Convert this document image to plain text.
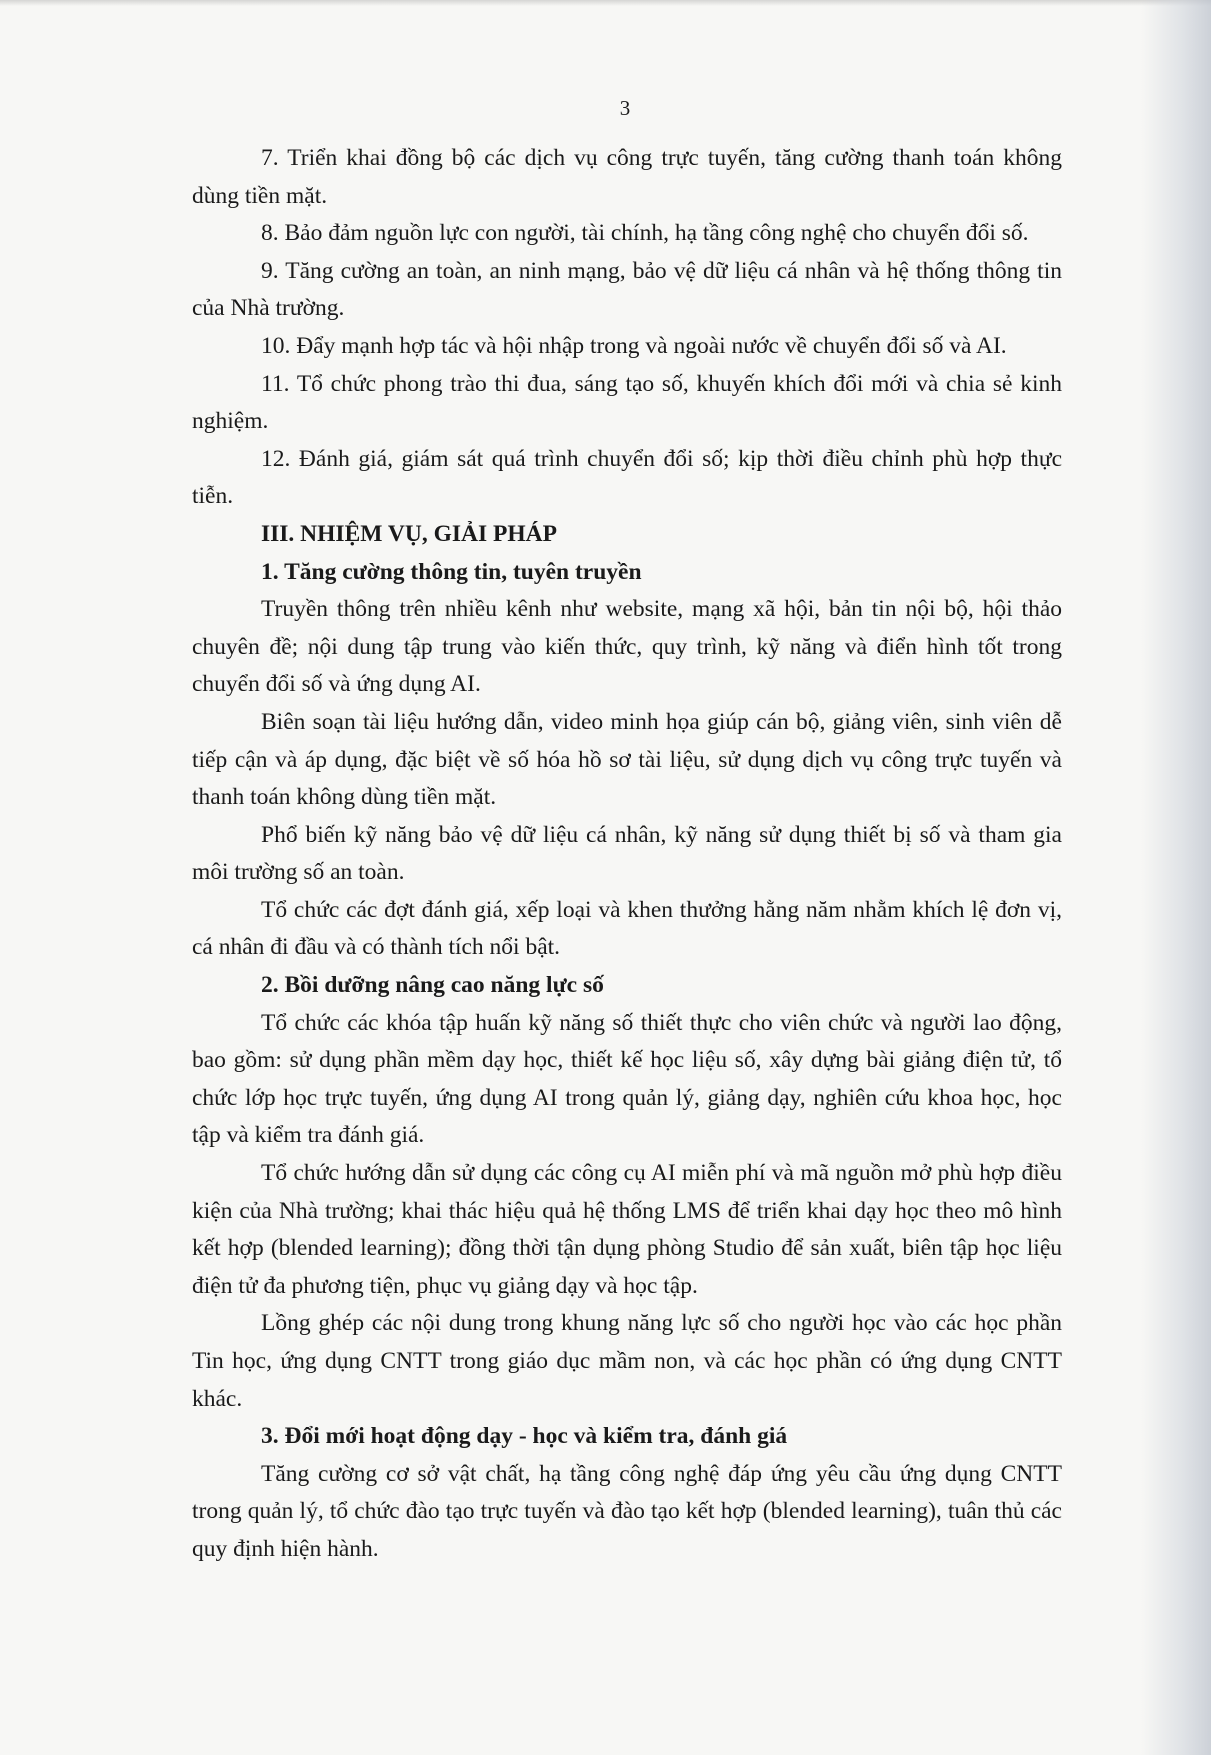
3

7. Triển khai đồng bộ các dịch vụ công trực tuyến, tăng cường thanh toán không dùng tiền mặt.

8. Bảo đảm nguồn lực con người, tài chính, hạ tầng công nghệ cho chuyển đổi số.

9. Tăng cường an toàn, an ninh mạng, bảo vệ dữ liệu cá nhân và hệ thống thông tin của Nhà trường.

10. Đẩy mạnh hợp tác và hội nhập trong và ngoài nước về chuyển đổi số và AI.

11. Tổ chức phong trào thi đua, sáng tạo số, khuyến khích đổi mới và chia sẻ kinh nghiệm.

12. Đánh giá, giám sát quá trình chuyển đổi số; kịp thời điều chỉnh phù hợp thực tiễn.

III. NHIỆM VỤ, GIẢI PHÁP

1. Tăng cường thông tin, tuyên truyền

Truyền thông trên nhiều kênh như website, mạng xã hội, bản tin nội bộ, hội thảo chuyên đề; nội dung tập trung vào kiến thức, quy trình, kỹ năng và điển hình tốt trong chuyển đổi số và ứng dụng AI.

Biên soạn tài liệu hướng dẫn, video minh họa giúp cán bộ, giảng viên, sinh viên dễ tiếp cận và áp dụng, đặc biệt về số hóa hồ sơ tài liệu, sử dụng dịch vụ công trực tuyến và thanh toán không dùng tiền mặt.

Phổ biến kỹ năng bảo vệ dữ liệu cá nhân, kỹ năng sử dụng thiết bị số và tham gia môi trường số an toàn.

Tổ chức các đợt đánh giá, xếp loại và khen thưởng hằng năm nhằm khích lệ đơn vị, cá nhân đi đầu và có thành tích nổi bật.

2. Bồi dưỡng nâng cao năng lực số

Tổ chức các khóa tập huấn kỹ năng số thiết thực cho viên chức và người lao động, bao gồm: sử dụng phần mềm dạy học, thiết kế học liệu số, xây dựng bài giảng điện tử, tổ chức lớp học trực tuyến, ứng dụng AI trong quản lý, giảng dạy, nghiên cứu khoa học, học tập và kiểm tra đánh giá.

Tổ chức hướng dẫn sử dụng các công cụ AI miễn phí và mã nguồn mở phù hợp điều kiện của Nhà trường; khai thác hiệu quả hệ thống LMS để triển khai dạy học theo mô hình kết hợp (blended learning); đồng thời tận dụng phòng Studio để sản xuất, biên tập học liệu điện tử đa phương tiện, phục vụ giảng dạy và học tập.

Lồng ghép các nội dung trong khung năng lực số cho người học vào các học phần Tin học, ứng dụng CNTT trong giáo dục mầm non, và các học phần có ứng dụng CNTT khác.

3. Đổi mới hoạt động dạy - học và kiểm tra, đánh giá

Tăng cường cơ sở vật chất, hạ tầng công nghệ đáp ứng yêu cầu ứng dụng CNTT trong quản lý, tổ chức đào tạo trực tuyến và đào tạo kết hợp (blended learning), tuân thủ các quy định hiện hành.
